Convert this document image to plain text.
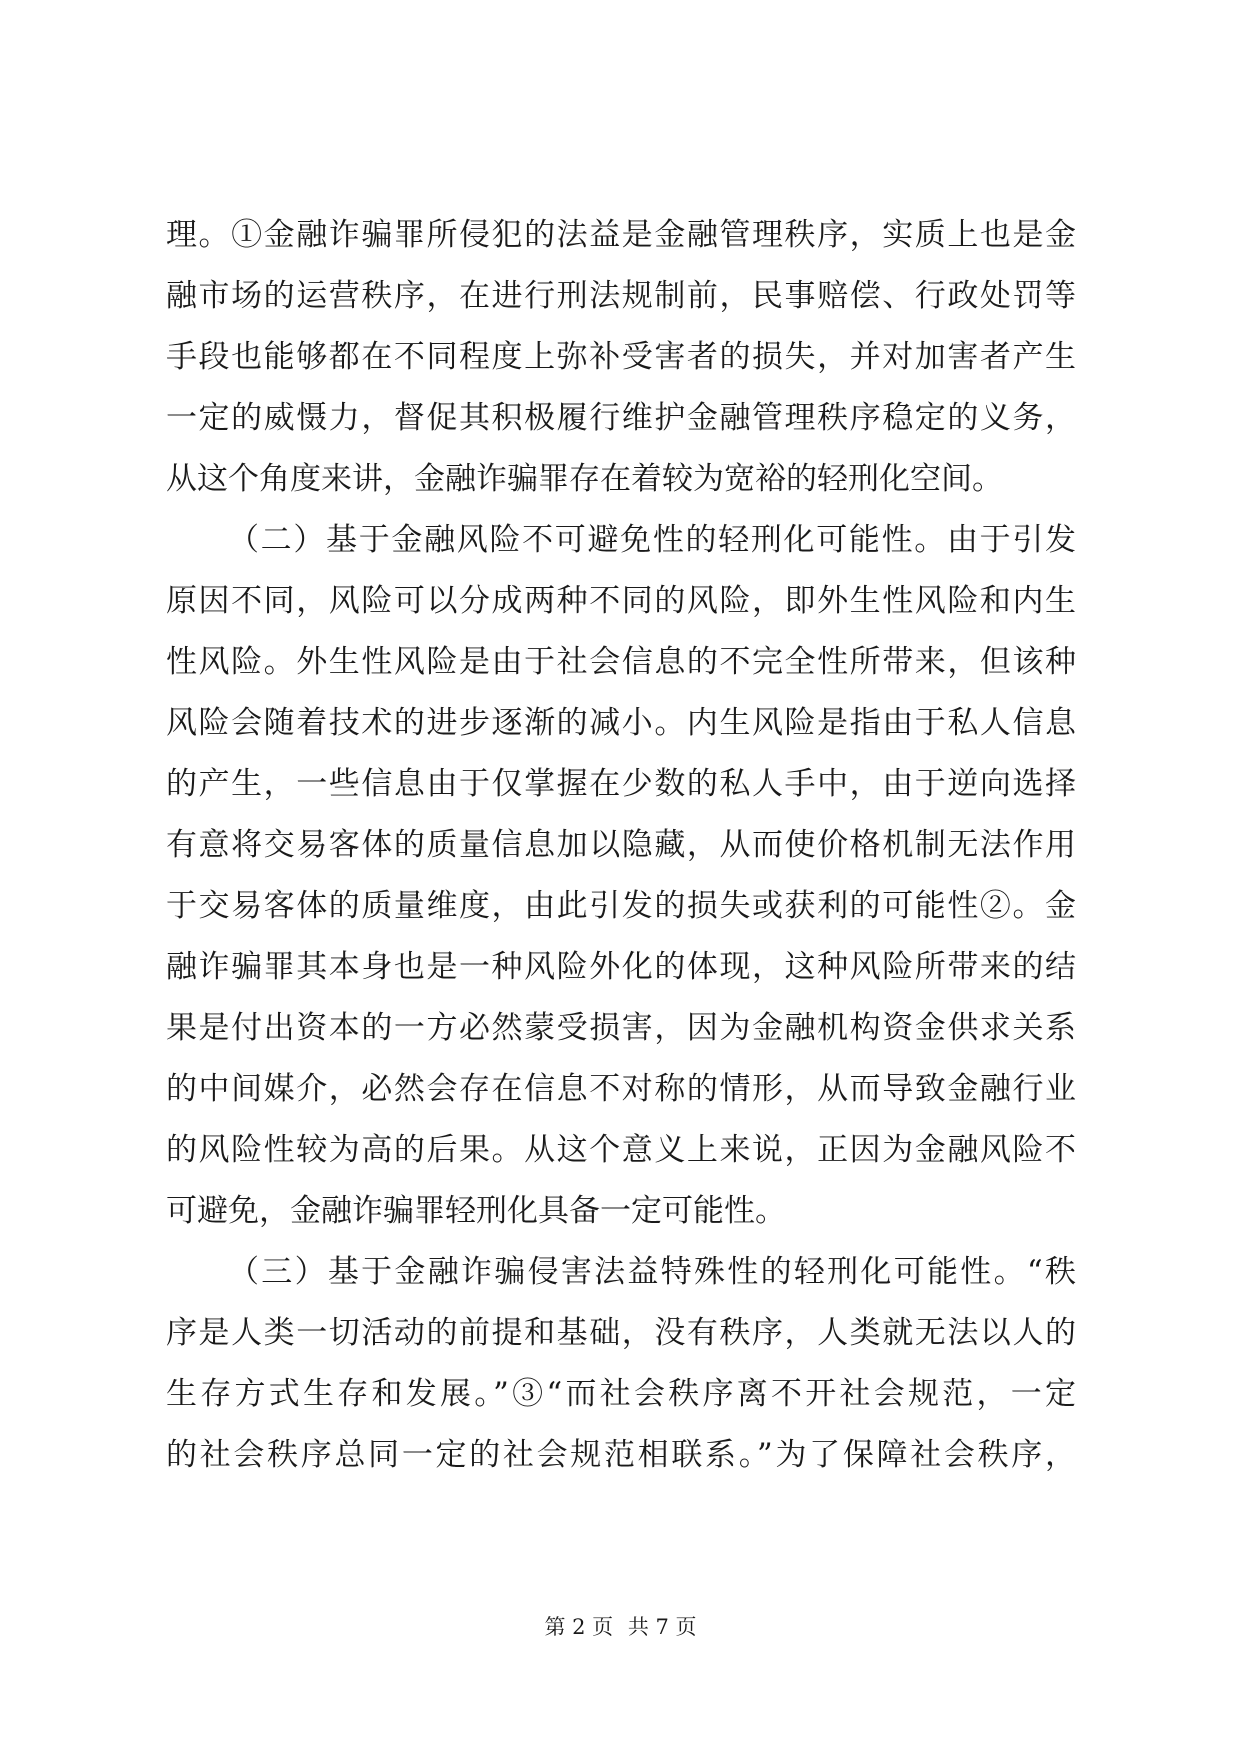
理。①金融诈骗罪所侵犯的法益是金融管理秩序，实质上也是金
融市场的运营秩序，在进行刑法规制前，民事赔偿、行政处罚等
手段也能够都在不同程度上弥补受害者的损失，并对加害者产生
一定的威慑力，督促其积极履行维护金融管理秩序稳定的义务，
从这个角度来讲，金融诈骗罪存在着较为宽裕的轻刑化空间。
（二）基于金融风险不可避免性的轻刑化可能性。由于引发
原因不同，风险可以分成两种不同的风险，即外生性风险和内生
性风险。外生性风险是由于社会信息的不完全性所带来，但该种
风险会随着技术的进步逐渐的减小。内生风险是指由于私人信息
的产生，一些信息由于仅掌握在少数的私人手中，由于逆向选择
有意将交易客体的质量信息加以隐藏，从而使价格机制无法作用
于交易客体的质量维度，由此引发的损失或获利的可能性②。金
融诈骗罪其本身也是一种风险外化的体现，这种风险所带来的结
果是付出资本的一方必然蒙受损害，因为金融机构资金供求关系
的中间媒介，必然会存在信息不对称的情形，从而导致金融行业
的风险性较为高的后果。从这个意义上来说，正因为金融风险不
可避免，金融诈骗罪轻刑化具备一定可能性。
（三）基于金融诈骗侵害法益特殊性的轻刑化可能性。“秩
序是人类一切活动的前提和基础，没有秩序，人类就无法以人的
生存方式生存和发展。”③“而社会秩序离不开社会规范，一定
的社会秩序总同一定的社会规范相联系。”为了保障社会秩序，
第 2 页 共 7 页
